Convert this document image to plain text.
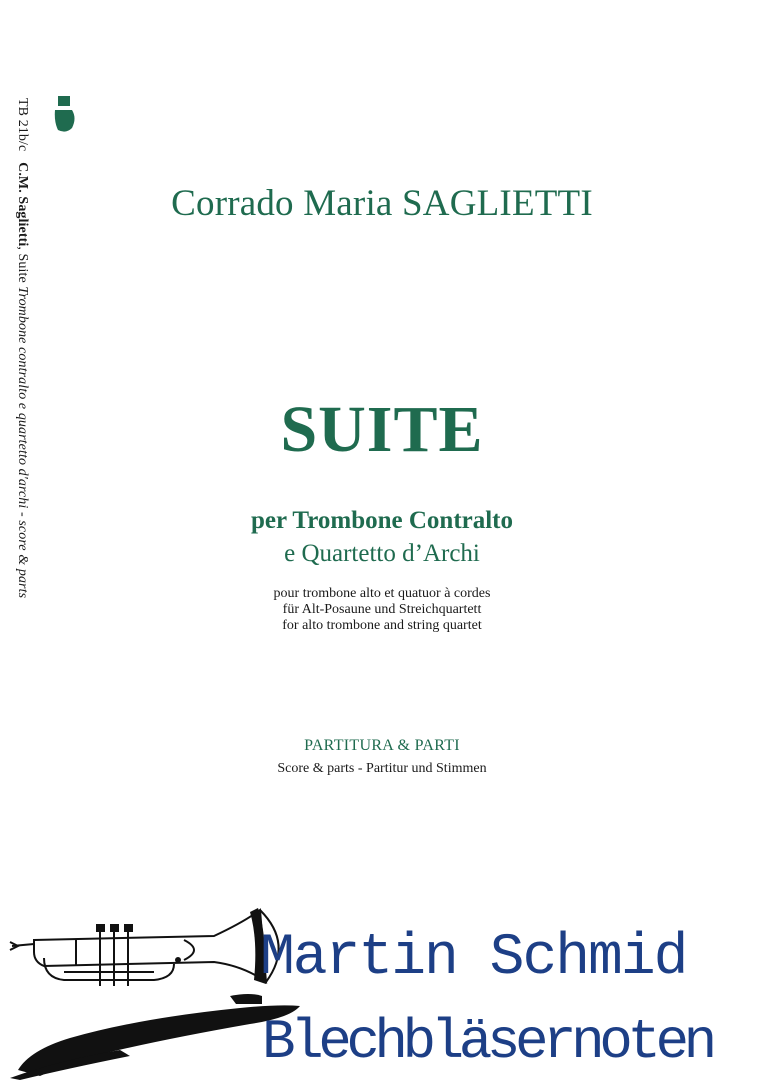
TB 21b/c   C.M. Saglietti, Suite Trombone contralto e quartetto d'archi - score & parts
Corrado Maria SAGLIETTI
SUITE
per Trombone Contralto
e Quartetto d’Archi
pour trombone alto et quatuor à cordes
für Alt-Posaune und Streichquartett
for alto trombone and string quartet
PARTITURA & PARTI
Score & parts - Partitur und Stimmen
Martin Schmid
Blechbläsernoten
